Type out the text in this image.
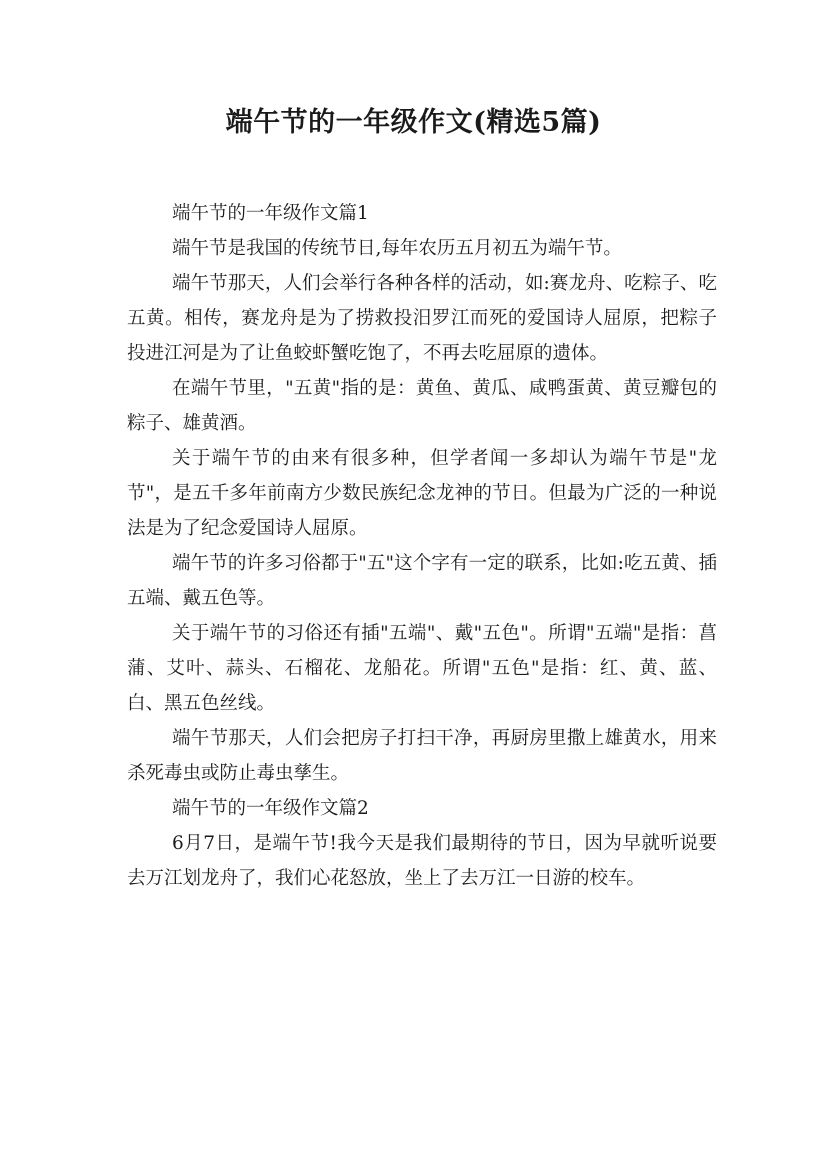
端午节的一年级作文(精选5篇)

端午节的一年级作文篇1

端午节是我国的传统节日,每年农历五月初五为端午节。

端午节那天，人们会举行各种各样的活动，如:赛龙舟、吃粽子、吃五黄。相传，赛龙舟是为了捞救投汨罗江而死的爱国诗人屈原，把粽子投进江河是为了让鱼蛟虾蟹吃饱了，不再去吃屈原的遗体。

在端午节里，"五黄"指的是：黄鱼、黄瓜、咸鸭蛋黄、黄豆瓣包的粽子、雄黄酒。

关于端午节的由来有很多种，但学者闻一多却认为端午节是"龙节"，是五千多年前南方少数民族纪念龙神的节日。但最为广泛的一种说法是为了纪念爱国诗人屈原。

端午节的许多习俗都于"五"这个字有一定的联系，比如:吃五黄、插五端、戴五色等。

关于端午节的习俗还有插"五端"、戴"五色"。所谓"五端"是指：菖蒲、艾叶、蒜头、石榴花、龙船花。所谓"五色"是指：红、黄、蓝、白、黑五色丝线。

端午节那天，人们会把房子打扫干净，再厨房里撒上雄黄水，用来杀死毒虫或防止毒虫孳生。

端午节的一年级作文篇2

6月7日，是端午节!我今天是我们最期待的节日，因为早就听说要去万江划龙舟了，我们心花怒放，坐上了去万江一日游的校车。
